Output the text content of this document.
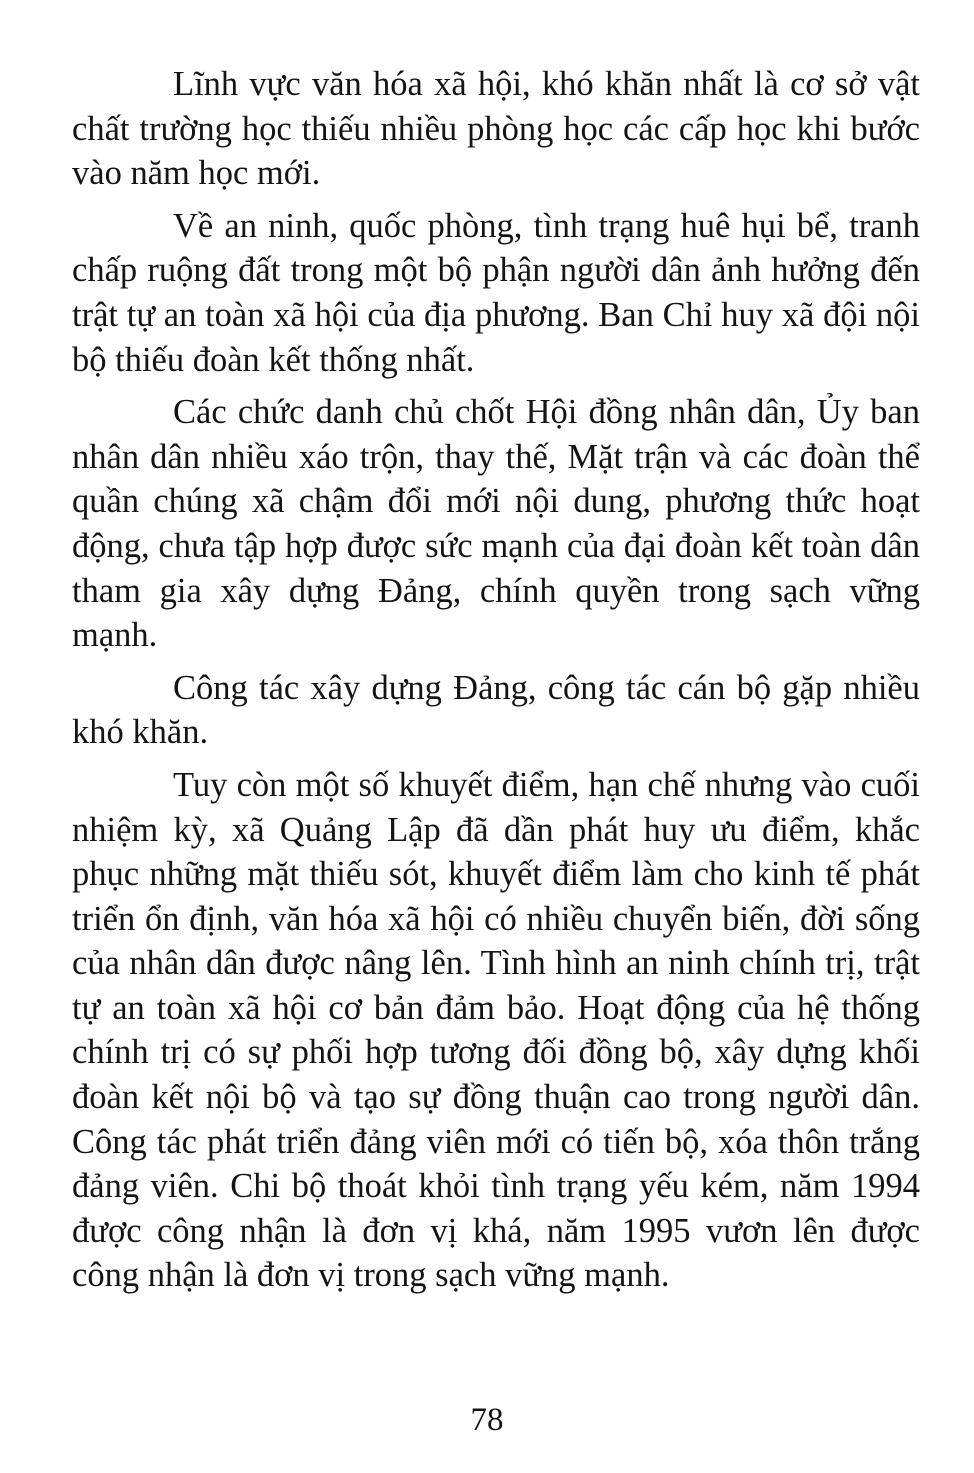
Lĩnh vực văn hóa xã hội, khó khăn nhất là cơ sở vật chất trường học thiếu nhiều phòng học các cấp học khi bước vào năm học mới.

Về an ninh, quốc phòng, tình trạng huê hụi bể, tranh chấp ruộng đất trong một bộ phận người dân ảnh hưởng đến trật tự an toàn xã hội của địa phương. Ban Chỉ huy xã đội nội bộ thiếu đoàn kết thống nhất.

Các chức danh chủ chốt Hội đồng nhân dân, Ủy ban nhân dân nhiều xáo trộn, thay thế, Mặt trận và các đoàn thể quần chúng xã chậm đổi mới nội dung, phương thức hoạt động, chưa tập hợp được sức mạnh của đại đoàn kết toàn dân tham gia xây dựng Đảng, chính quyền trong sạch vững mạnh.

Công tác xây dựng Đảng, công tác cán bộ gặp nhiều khó khăn.

Tuy còn một số khuyết điểm, hạn chế nhưng vào cuối nhiệm kỳ, xã Quảng Lập đã dần phát huy ưu điểm, khắc phục những mặt thiếu sót, khuyết điểm làm cho kinh tế phát triển ổn định, văn hóa xã hội có nhiều chuyển biến, đời sống của nhân dân được nâng lên. Tình hình an ninh chính trị, trật tự an toàn xã hội cơ bản đảm bảo. Hoạt động của hệ thống chính trị có sự phối hợp tương đối đồng bộ, xây dựng khối đoàn kết nội bộ và tạo sự đồng thuận cao trong người dân. Công tác phát triển đảng viên mới có tiến bộ, xóa thôn trắng đảng viên. Chi bộ thoát khỏi tình trạng yếu kém, năm 1994 được công nhận là đơn vị khá, năm 1995 vươn lên được công nhận là đơn vị trong sạch vững mạnh.

78
